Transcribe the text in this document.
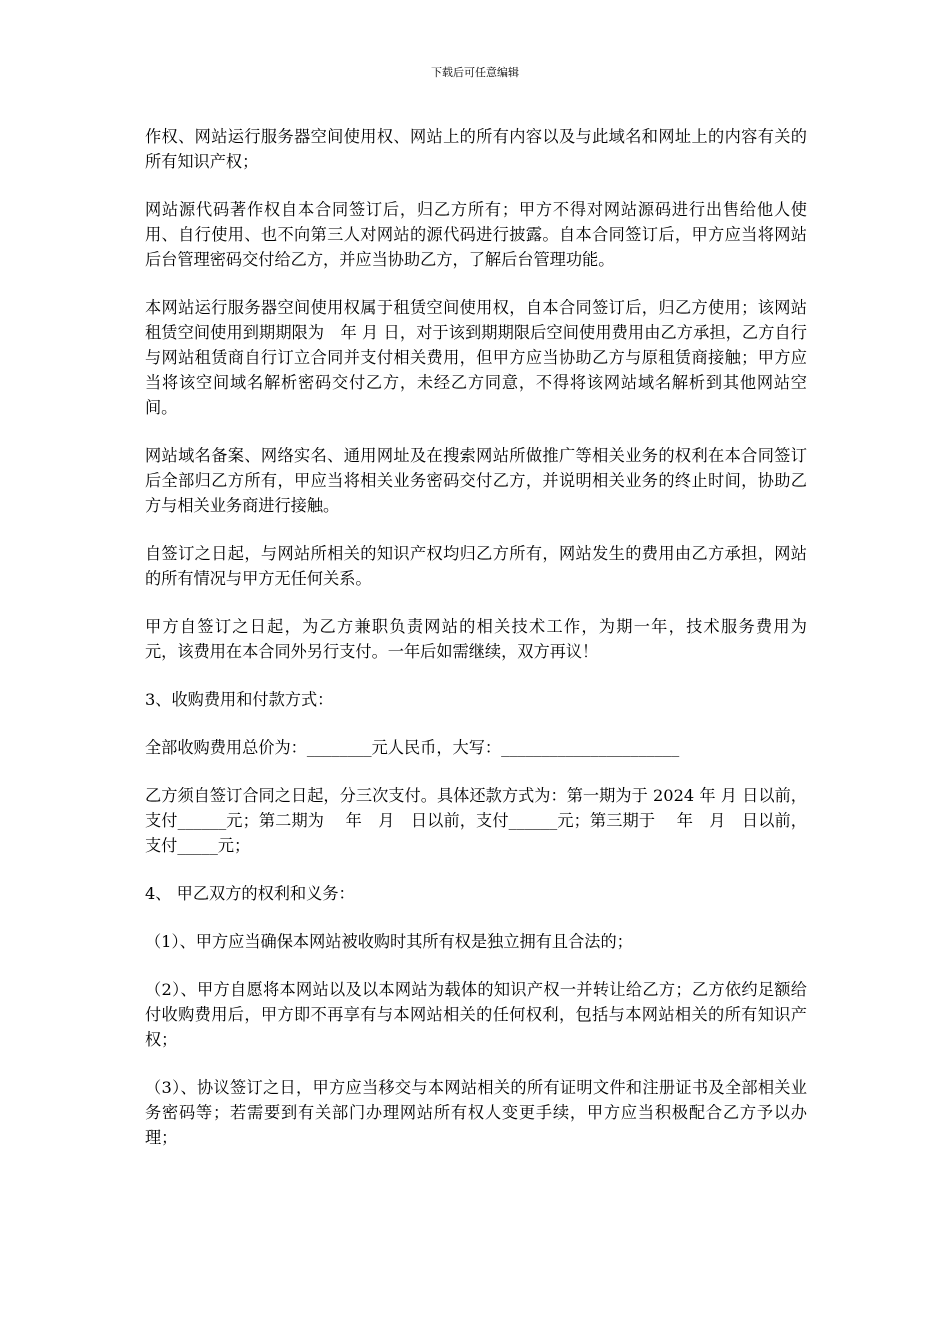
下载后可任意编辑

作权、网站运行服务器空间使用权、网站上的所有内容以及与此域名和网址上的内容有关的所有知识产权；

网站源代码著作权自本合同签订后，归乙方所有；甲方不得对网站源码进行出售给他人使用、自行使用、也不向第三人对网站的源代码进行披露。自本合同签订后，甲方应当将网站后台管理密码交付给乙方，并应当协助乙方，了解后台管理功能。

本网站运行服务器空间使用权属于租赁空间使用权，自本合同签订后，归乙方使用；该网站租赁空间使用到期期限为　年 月 日，对于该到期期限后空间使用费用由乙方承担，乙方自行与网站租赁商自行订立合同并支付相关费用，但甲方应当协助乙方与原租赁商接触；甲方应当将该空间域名解析密码交付乙方，未经乙方同意，不得将该网站域名解析到其他网站空间。

网站域名备案、网络实名、通用网址及在搜索网站所做推广等相关业务的权利在本合同签订后全部归乙方所有，甲应当将相关业务密码交付乙方，并说明相关业务的终止时间，协助乙方与相关业务商进行接触。

自签订之日起，与网站所相关的知识产权均归乙方所有，网站发生的费用由乙方承担，网站的所有情况与甲方无任何关系。

甲方自签订之日起，为乙方兼职负责网站的相关技术工作，为期一年，技术服务费用为　元，该费用在本合同外另行支付。一年后如需继续，双方再议！

3、收购费用和付款方式：

全部收购费用总价为：________元人民币，大写：______________________

乙方须自签订合同之日起，分三次支付。具体还款方式为：第一期为于 2024 年 月 日以前，支付______元；第二期为　 年　月　日以前，支付______元；第三期于　 年　月　日以前，支付_____元；

4、 甲乙双方的权利和义务：

（1）、甲方应当确保本网站被收购时其所有权是独立拥有且合法的；

（2）、甲方自愿将本网站以及以本网站为载体的知识产权一并转让给乙方；乙方依约足额给付收购费用后，甲方即不再享有与本网站相关的任何权利，包括与本网站相关的所有知识产权；

（3）、协议签订之日，甲方应当移交与本网站相关的所有证明文件和注册证书及全部相关业务密码等；若需要到有关部门办理网站所有权人变更手续，甲方应当积极配合乙方予以办理；
